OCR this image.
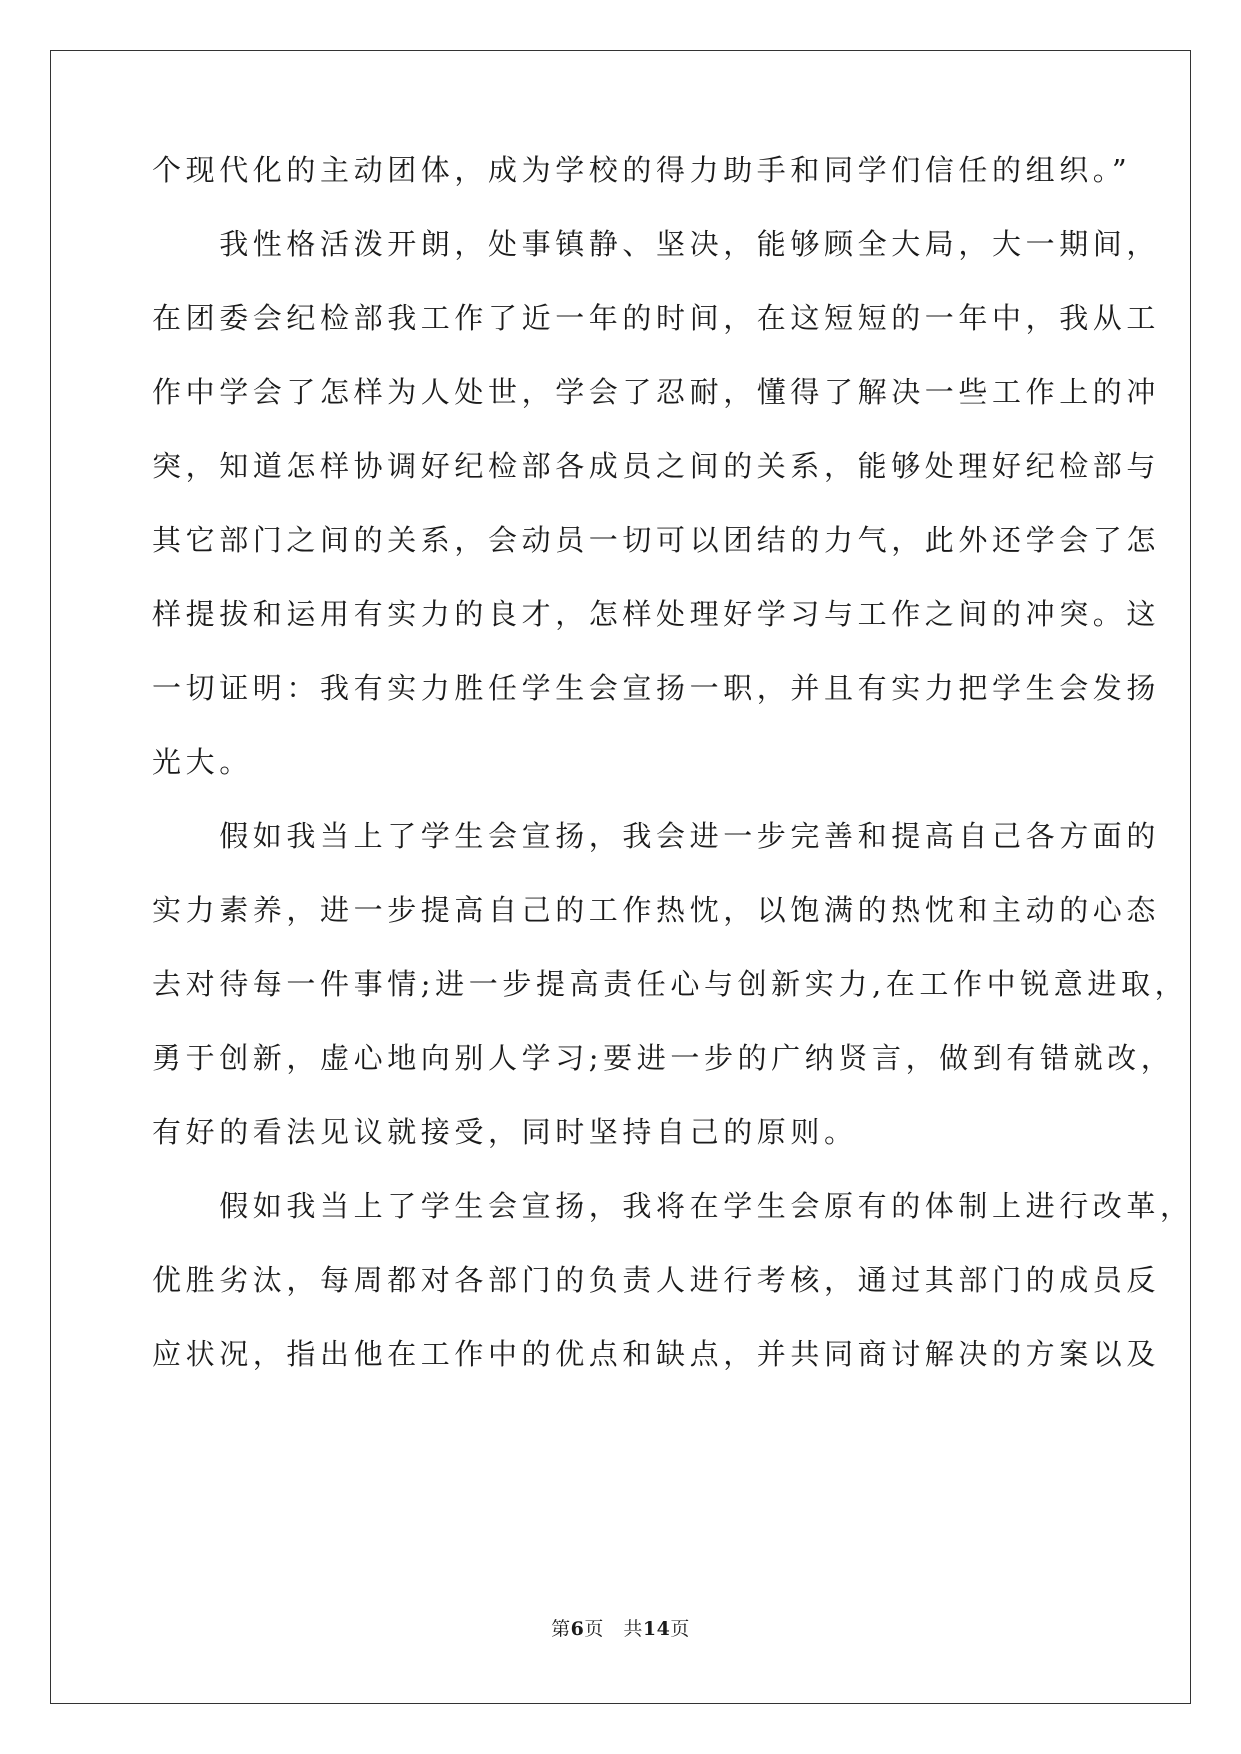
个现代化的主动团体，成为学校的得力助手和同学们信任的组织。”
　　我性格活泼开朗，处事镇静、坚决，能够顾全大局，大一期间，
在团委会纪检部我工作了近一年的时间，在这短短的一年中，我从工
作中学会了怎样为人处世，学会了忍耐，懂得了解决一些工作上的冲
突，知道怎样协调好纪检部各成员之间的关系，能够处理好纪检部与
其它部门之间的关系，会动员一切可以团结的力气，此外还学会了怎
样提拔和运用有实力的良才，怎样处理好学习与工作之间的冲突。这
一切证明：我有实力胜任学生会宣扬一职，并且有实力把学生会发扬
光大。
　　假如我当上了学生会宣扬，我会进一步完善和提高自己各方面的
实力素养，进一步提高自己的工作热忱，以饱满的热忱和主动的心态
去对待每一件事情;进一步提高责任心与创新实力,在工作中锐意进取，
勇于创新，虚心地向别人学习;要进一步的广纳贤言，做到有错就改，
有好的看法见议就接受，同时坚持自己的原则。
　　假如我当上了学生会宣扬，我将在学生会原有的体制上进行改革，
优胜劣汰，每周都对各部门的负责人进行考核，通过其部门的成员反
应状况，指出他在工作中的优点和缺点，并共同商讨解决的方案以及
第6页　共14页
